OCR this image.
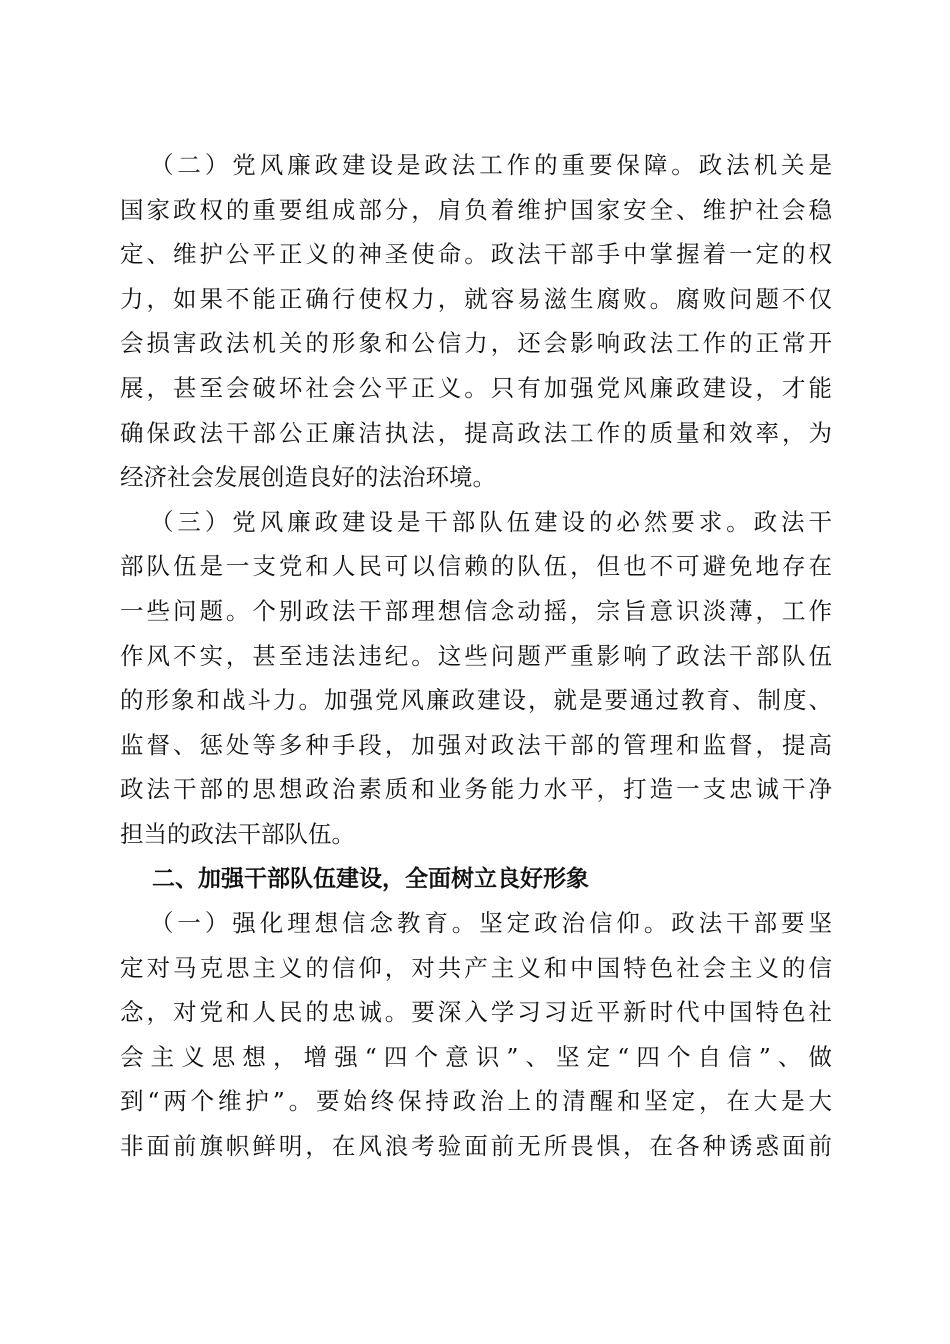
（二）党风廉政建设是政法工作的重要保障。政法机关是
国家政权的重要组成部分，肩负着维护国家安全、维护社会稳
定、维护公平正义的神圣使命。政法干部手中掌握着一定的权
力，如果不能正确行使权力，就容易滋生腐败。腐败问题不仅
会损害政法机关的形象和公信力，还会影响政法工作的正常开
展，甚至会破坏社会公平正义。只有加强党风廉政建设，才能
确保政法干部公正廉洁执法，提高政法工作的质量和效率，为
经济社会发展创造良好的法治环境。
（三）党风廉政建设是干部队伍建设的必然要求。政法干
部队伍是一支党和人民可以信赖的队伍，但也不可避免地存在
一些问题。个别政法干部理想信念动摇，宗旨意识淡薄，工作
作风不实，甚至违法违纪。这些问题严重影响了政法干部队伍
的形象和战斗力。加强党风廉政建设，就是要通过教育、制度、
监督、惩处等多种手段，加强对政法干部的管理和监督，提高
政法干部的思想政治素质和业务能力水平，打造一支忠诚干净
担当的政法干部队伍。
二、加强干部队伍建设，全面树立良好形象
（一）强化理想信念教育。坚定政治信仰。政法干部要坚
定对马克思主义的信仰，对共产主义和中国特色社会主义的信
念，对党和人民的忠诚。要深入学习习近平新时代中国特色社
会主义思想，增强“四个意识”、坚定“四个自信”、做
到“两个维护”。要始终保持政治上的清醒和坚定，在大是大
非面前旗帜鲜明，在风浪考验面前无所畏惧，在各种诱惑面前
